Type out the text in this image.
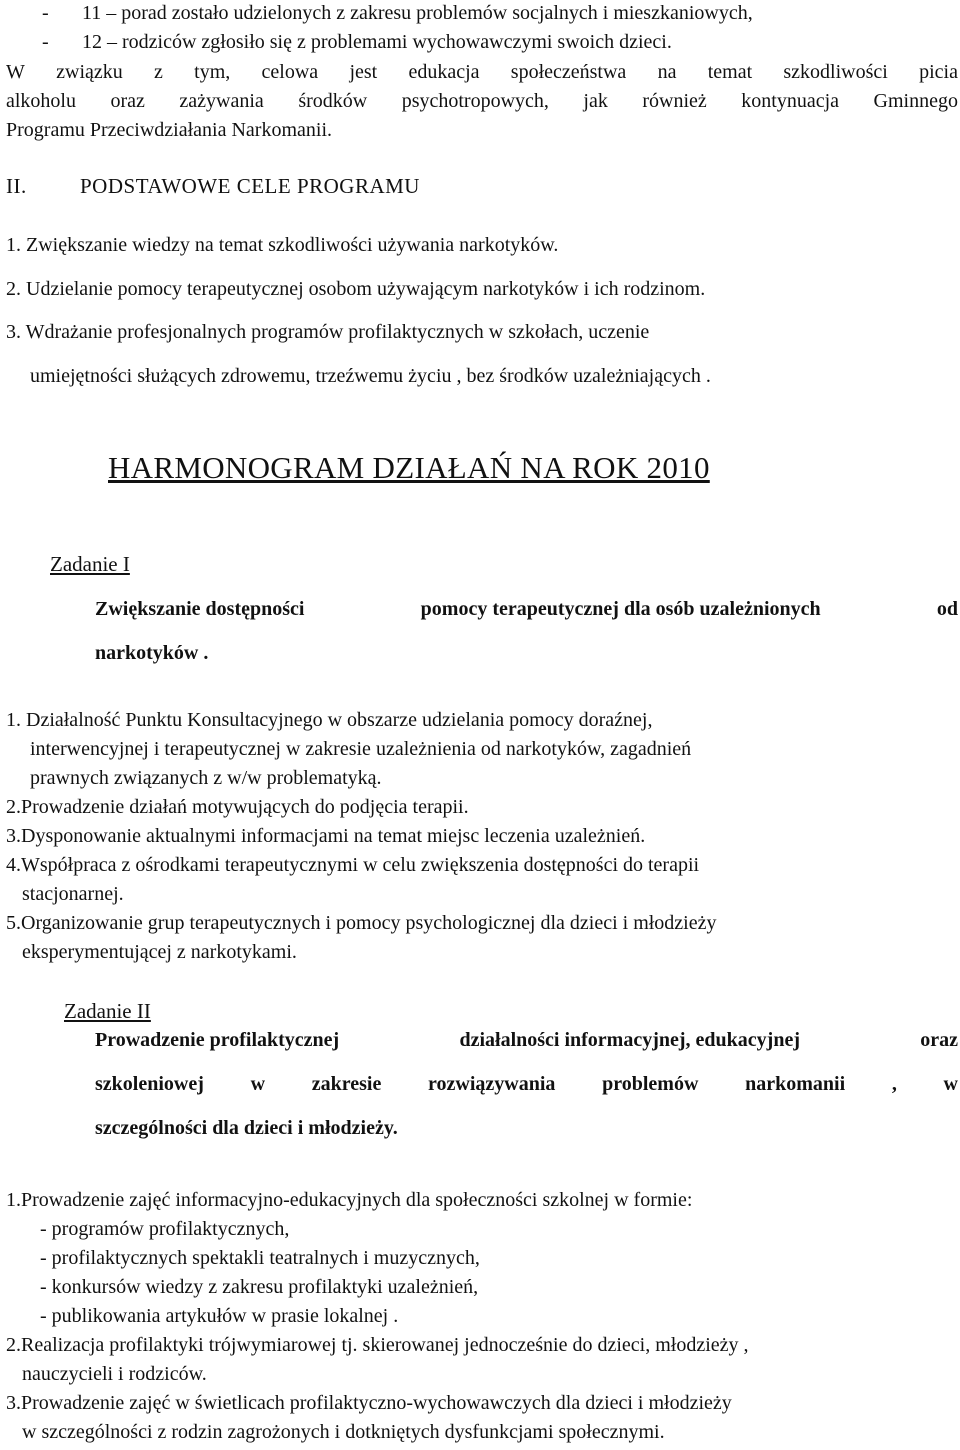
- 11 – porad zostało udzielonych z zakresu problemów socjalnych i mieszkaniowych,
- 12 – rodziców zgłosiło się z problemami wychowawczymi swoich dzieci.
W związku z tym, celowa jest edukacja społeczeństwa na temat szkodliwości picia
alkoholu oraz zażywania środków psychotropowych, jak również kontynuacja Gminnego
Programu Przeciwdziałania Narkomanii.
II.	PODSTAWOWE CELE PROGRAMU
1. Zwiększanie wiedzy na temat szkodliwości używania narkotyków.
2. Udzielanie pomocy terapeutycznej osobom używającym narkotyków i ich rodzinom.
3. Wdrażanie profesjonalnych programów profilaktycznych w szkołach, uczenie
umiejętności służących zdrowemu, trzeźwemu życiu , bez środków uzależniających .
HARMONOGRAM DZIAŁAŃ NA ROK 2010
Zadanie I
Zwiększanie dostępności	pomocy terapeutycznej dla osób uzależnionych	od
narkotyków .
1. Działalność Punktu Konsultacyjnego w obszarze udzielania pomocy doraźnej,
interwencyjnej i terapeutycznej w zakresie uzależnienia od narkotyków, zagadnień
prawnych związanych z w/w problematyką.
2.Prowadzenie działań motywujących do podjęcia terapii.
3.Dysponowanie aktualnymi informacjami na temat miejsc leczenia uzależnień.
4.Współpraca z ośrodkami terapeutycznymi w celu zwiększenia dostępności do terapii
stacjonarnej.
5.Organizowanie grup terapeutycznych i pomocy psychologicznej dla dzieci i młodzieży
eksperymentującej z narkotykami.
Zadanie II
Prowadzenie profilaktycznej	działalności informacyjnej, edukacyjnej	oraz
szkoleniowej w zakresie rozwiązywania problemów narkomanii , w
szczególności dla dzieci i młodzieży.
1.Prowadzenie zajęć informacyjno-edukacyjnych dla społeczności szkolnej w formie:
- programów profilaktycznych,
- profilaktycznych spektakli teatralnych i muzycznych,
- konkursów wiedzy z zakresu profilaktyki uzależnień,
- publikowania artykułów w prasie lokalnej .
2.Realizacja profilaktyki trójwymiarowej tj. skierowanej jednocześnie do dzieci, młodzieży ,
nauczycieli i rodziców.
3.Prowadzenie zajęć w świetlicach profilaktyczno-wychowawczych dla dzieci i młodzieży
w szczególności z rodzin zagrożonych i dotkniętych dysfunkcjami społecznymi.
